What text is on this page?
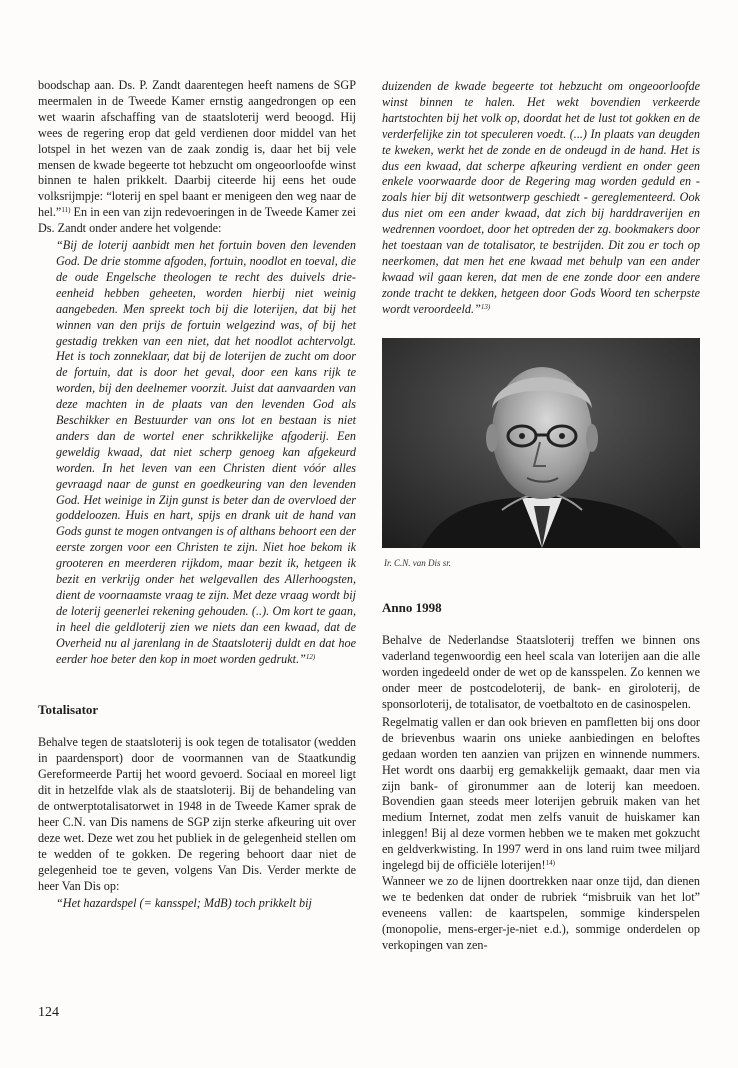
boodschap aan. Ds. P. Zandt daarentegen heeft namens de SGP meermalen in de Tweede Kamer ernstig aangedrongen op een wet waarin afschaffing van de staatsloterij werd beoogd. Hij wees de regering erop dat geld verdienen door middel van het lotspel in het wezen van de zaak zondig is, daar het bij vele mensen de kwade begeerte tot hebzucht om ongeoorloofde winst binnen te halen prikkelt. Daarbij citeerde hij eens het oude volksrijmpje: “loterij en spel baant er menigeen den weg naar de hel.”$^{11)}$ En in een van zijn redevoeringen in de Tweede Kamer zei Ds. Zandt onder andere het volgende:

“Bij de loterij aanbidt men het fortuin boven den levenden God. De drie stomme afgoden, fortuin, noodlot en toeval, die de oude Engelsche theologen te recht des duivels drie-eenheid hebben geheeten, worden hierbij niet weinig aangebeden. Men spreekt toch bij die loterijen, dat bij het winnen van den prijs de fortuin welgezind was, of bij het gestadig trekken van een niet, dat het noodlot achtervolgt. Het is toch zonneklaar, dat bij de loterijen de zucht om door de fortuin, dat is door het geval, door een kans rijk te worden, bij den deelnemer voorzit. Juist dat aanvaarden van deze machten in de plaats van den levenden God als Beschikker en Bestuurder van ons lot en bestaan is niet anders dan de wortel ener schrikkelijke afgoderij. Een geweldig kwaad, dat niet scherp genoeg kan afgekeurd worden. In het leven van een Christen dient vóór alles gevraagd naar de gunst en goedkeuring van den levenden God. Het weinige in Zijn gunst is beter dan de overvloed der goddeloozen. Huis en hart, spijs en drank uit de hand van Gods gunst te mogen ontvangen is of althans behoort een der eerste zorgen voor een Christen te zijn. Niet hoe bekom ik grooteren en meerderen rijkdom, maar bezit ik, hetgeen ik bezit en verkrijg onder het welgevallen des Allerhoogsten, dient de voornaamste vraag te zijn. Met deze vraag wordt bij de loterij geenerlei rekening gehouden. (..). Om kort te gaan, in heel die geldloterij zien we niets dan een kwaad, dat de Overheid nu al jarenlang in de Staatsloterij duldt en dat hoe eerder hoe beter den kop in moet worden gedrukt.”$^{12)}$

Totalisator

Behalve tegen de staatsloterij is ook tegen de totalisator (wedden in paardensport) door de voormannen van de Staatkundig Gereformeerde Partij het woord gevoerd. Sociaal en moreel ligt dit in hetzelfde vlak als de staatsloterij. Bij de behandeling van de ontwerptotalisatorwet in 1948 in de Tweede Kamer sprak de heer C.N. van Dis namens de SGP zijn sterke afkeuring uit over deze wet. Deze wet zou het publiek in de gelegenheid stellen om te wedden of te gokken. De regering behoort daar niet de gelegenheid toe te geven, volgens Van Dis. Verder merkte de heer Van Dis op:

“Het hazardspel (= kansspel; MdB) toch prikkelt bij

duizenden de kwade begeerte tot hebzucht om ongeoorloofde winst binnen te halen. Het wekt bovendien verkeerde hartstochten bij het volk op, doordat het de lust tot gokken en de verderfelijke zin tot speculeren voedt. (...) In plaats van deugden te kweken, werkt het de zonde en de ondeugd in de hand. Het is dus een kwaad, dat scherpe afkeuring verdient en onder geen enkele voorwaarde door de Regering mag worden geduld en - zoals hier bij dit wetsontwerp geschiedt - gereglementeerd. Ook dus niet om een ander kwaad, dat zich bij harddraverijen en wedrennen voordoet, door het optreden der zg. bookmakers door het toestaan van de totalisator, te bestrijden. Dit zou er toch op neerkomen, dat men het ene kwaad met behulp van een ander kwaad wil gaan keren, dat men de ene zonde door een andere zonde tracht te dekken, hetgeen door Gods Woord ten scherpste wordt veroordeeld.”$^{13)}$

Ir. C.N. van Dis sr.

Anno 1998

Behalve de Nederlandse Staatsloterij treffen we binnen ons vaderland tegenwoordig een heel scala van loterijen aan die alle worden ingedeeld onder de wet op de kansspelen. Zo kennen we onder meer de postcodeloterij, de bank- en giroloterij, de sponsorloterij, de totalisator, de voetbaltoto en de casinospelen.

Regelmatig vallen er dan ook brieven en pamfletten bij ons door de brievenbus waarin ons unieke aanbiedingen en beloftes gedaan worden ten aanzien van prijzen en winnende nummers. Het wordt ons daarbij erg gemakkelijk gemaakt, daar men via zijn bank- of gironummer aan de loterij kan meedoen. Bovendien gaan steeds meer loterijen gebruik maken van het medium Internet, zodat men zelfs vanuit de huiskamer kan inleggen! Bij al deze vormen hebben we te maken met gokzucht en geldverkwisting. In 1997 werd in ons land ruim twee miljard ingelegd bij de officiële loterijen!$^{14)}$

Wanneer we zo de lijnen doortrekken naar onze tijd, dan dienen we te bedenken dat onder de rubriek “misbruik van het lot” eveneens vallen: de kaartspelen, sommige kinderspelen (monopolie, mens-erger-je-niet e.d.), sommige onderdelen op verkopingen van zen-

124
